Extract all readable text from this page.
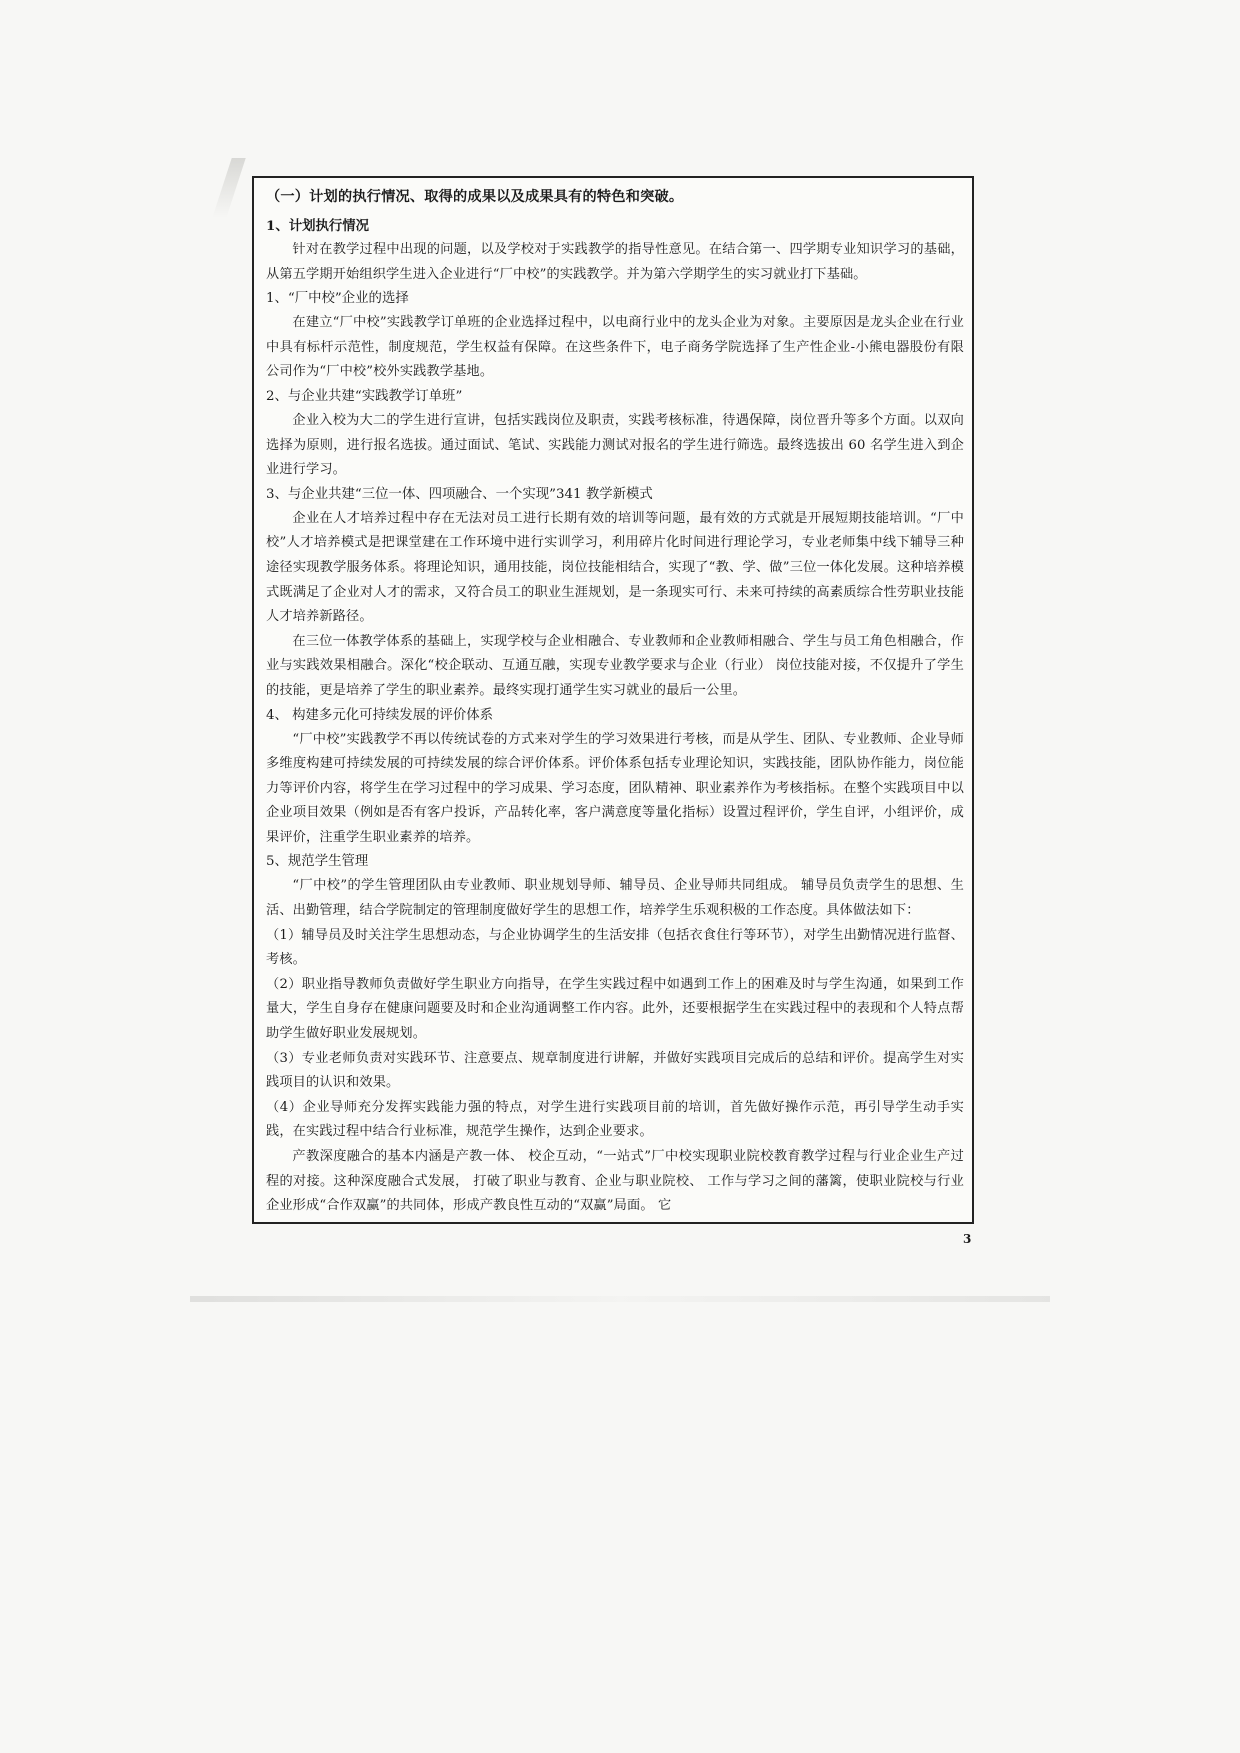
（一）计划的执行情况、取得的成果以及成果具有的特色和突破。

1、计划执行情况

针对在教学过程中出现的问题，以及学校对于实践教学的指导性意见。在结合第一、四学期专业知识学习的基础，从第五学期开始组织学生进入企业进行“厂中校”的实践教学。并为第六学期学生的实习就业打下基础。

1、“厂中校”企业的选择

在建立“厂中校”实践教学订单班的企业选择过程中，以电商行业中的龙头企业为对象。主要原因是龙头企业在行业中具有标杆示范性，制度规范，学生权益有保障。在这些条件下，电子商务学院选择了生产性企业-小熊电器股份有限公司作为“厂中校”校外实践教学基地。

2、与企业共建“实践教学订单班”

企业入校为大二的学生进行宣讲，包括实践岗位及职责，实践考核标准，待遇保障，岗位晋升等多个方面。以双向选择为原则，进行报名选拔。通过面试、笔试、实践能力测试对报名的学生进行筛选。最终选拔出 60 名学生进入到企业进行学习。

3、与企业共建“三位一体、四项融合、一个实现”341 教学新模式

企业在人才培养过程中存在无法对员工进行长期有效的培训等问题，最有效的方式就是开展短期技能培训。“厂中校”人才培养模式是把课堂建在工作环境中进行实训学习，利用碎片化时间进行理论学习，专业老师集中线下辅导三种途径实现教学服务体系。将理论知识，通用技能，岗位技能相结合，实现了“教、学、做”三位一体化发展。这种培养模式既满足了企业对人才的需求，又符合员工的职业生涯规划，是一条现实可行、未来可持续的高素质综合性劳职业技能人才培养新路径。

在三位一体教学体系的基础上，实现学校与企业相融合、专业教师和企业教师相融合、学生与员工角色相融合，作业与实践效果相融合。深化“校企联动、互通互融，实现专业教学要求与企业（行业） 岗位技能对接，不仅提升了学生的技能，更是培养了学生的职业素养。最终实现打通学生实习就业的最后一公里。

4、 构建多元化可持续发展的评价体系

“厂中校”实践教学不再以传统试卷的方式来对学生的学习效果进行考核，而是从学生、团队、专业教师、企业导师多维度构建可持续发展的可持续发展的综合评价体系。评价体系包括专业理论知识，实践技能，团队协作能力，岗位能力等评价内容，将学生在学习过程中的学习成果、学习态度，团队精神、职业素养作为考核指标。在整个实践项目中以企业项目效果（例如是否有客户投诉，产品转化率，客户满意度等量化指标）设置过程评价，学生自评，小组评价，成果评价，注重学生职业素养的培养。

5、规范学生管理

“厂中校”的学生管理团队由专业教师、职业规划导师、辅导员、企业导师共同组成。 辅导员负责学生的思想、生活、出勤管理，结合学院制定的管理制度做好学生的思想工作，培养学生乐观积极的工作态度。具体做法如下：

（1）辅导员及时关注学生思想动态，与企业协调学生的生活安排（包括衣食住行等环节），对学生出勤情况进行监督、考核。

（2）职业指导教师负责做好学生职业方向指导，在学生实践过程中如遇到工作上的困难及时与学生沟通，如果到工作量大，学生自身存在健康问题要及时和企业沟通调整工作内容。此外，还要根据学生在实践过程中的表现和个人特点帮助学生做好职业发展规划。

（3）专业老师负责对实践环节、注意要点、规章制度进行讲解，并做好实践项目完成后的总结和评价。提高学生对实践项目的认识和效果。

（4）企业导师充分发挥实践能力强的特点，对学生进行实践项目前的培训，首先做好操作示范，再引导学生动手实践，在实践过程中结合行业标准，规范学生操作，达到企业要求。

产教深度融合的基本内涵是产教一体、 校企互动，“一站式”厂中校实现职业院校教育教学过程与行业企业生产过程的对接。这种深度融合式发展， 打破了职业与教育、企业与职业院校、 工作与学习之间的藩篱，使职业院校与行业企业形成“合作双赢”的共同体，形成产教良性互动的“双赢”局面。 它

3
